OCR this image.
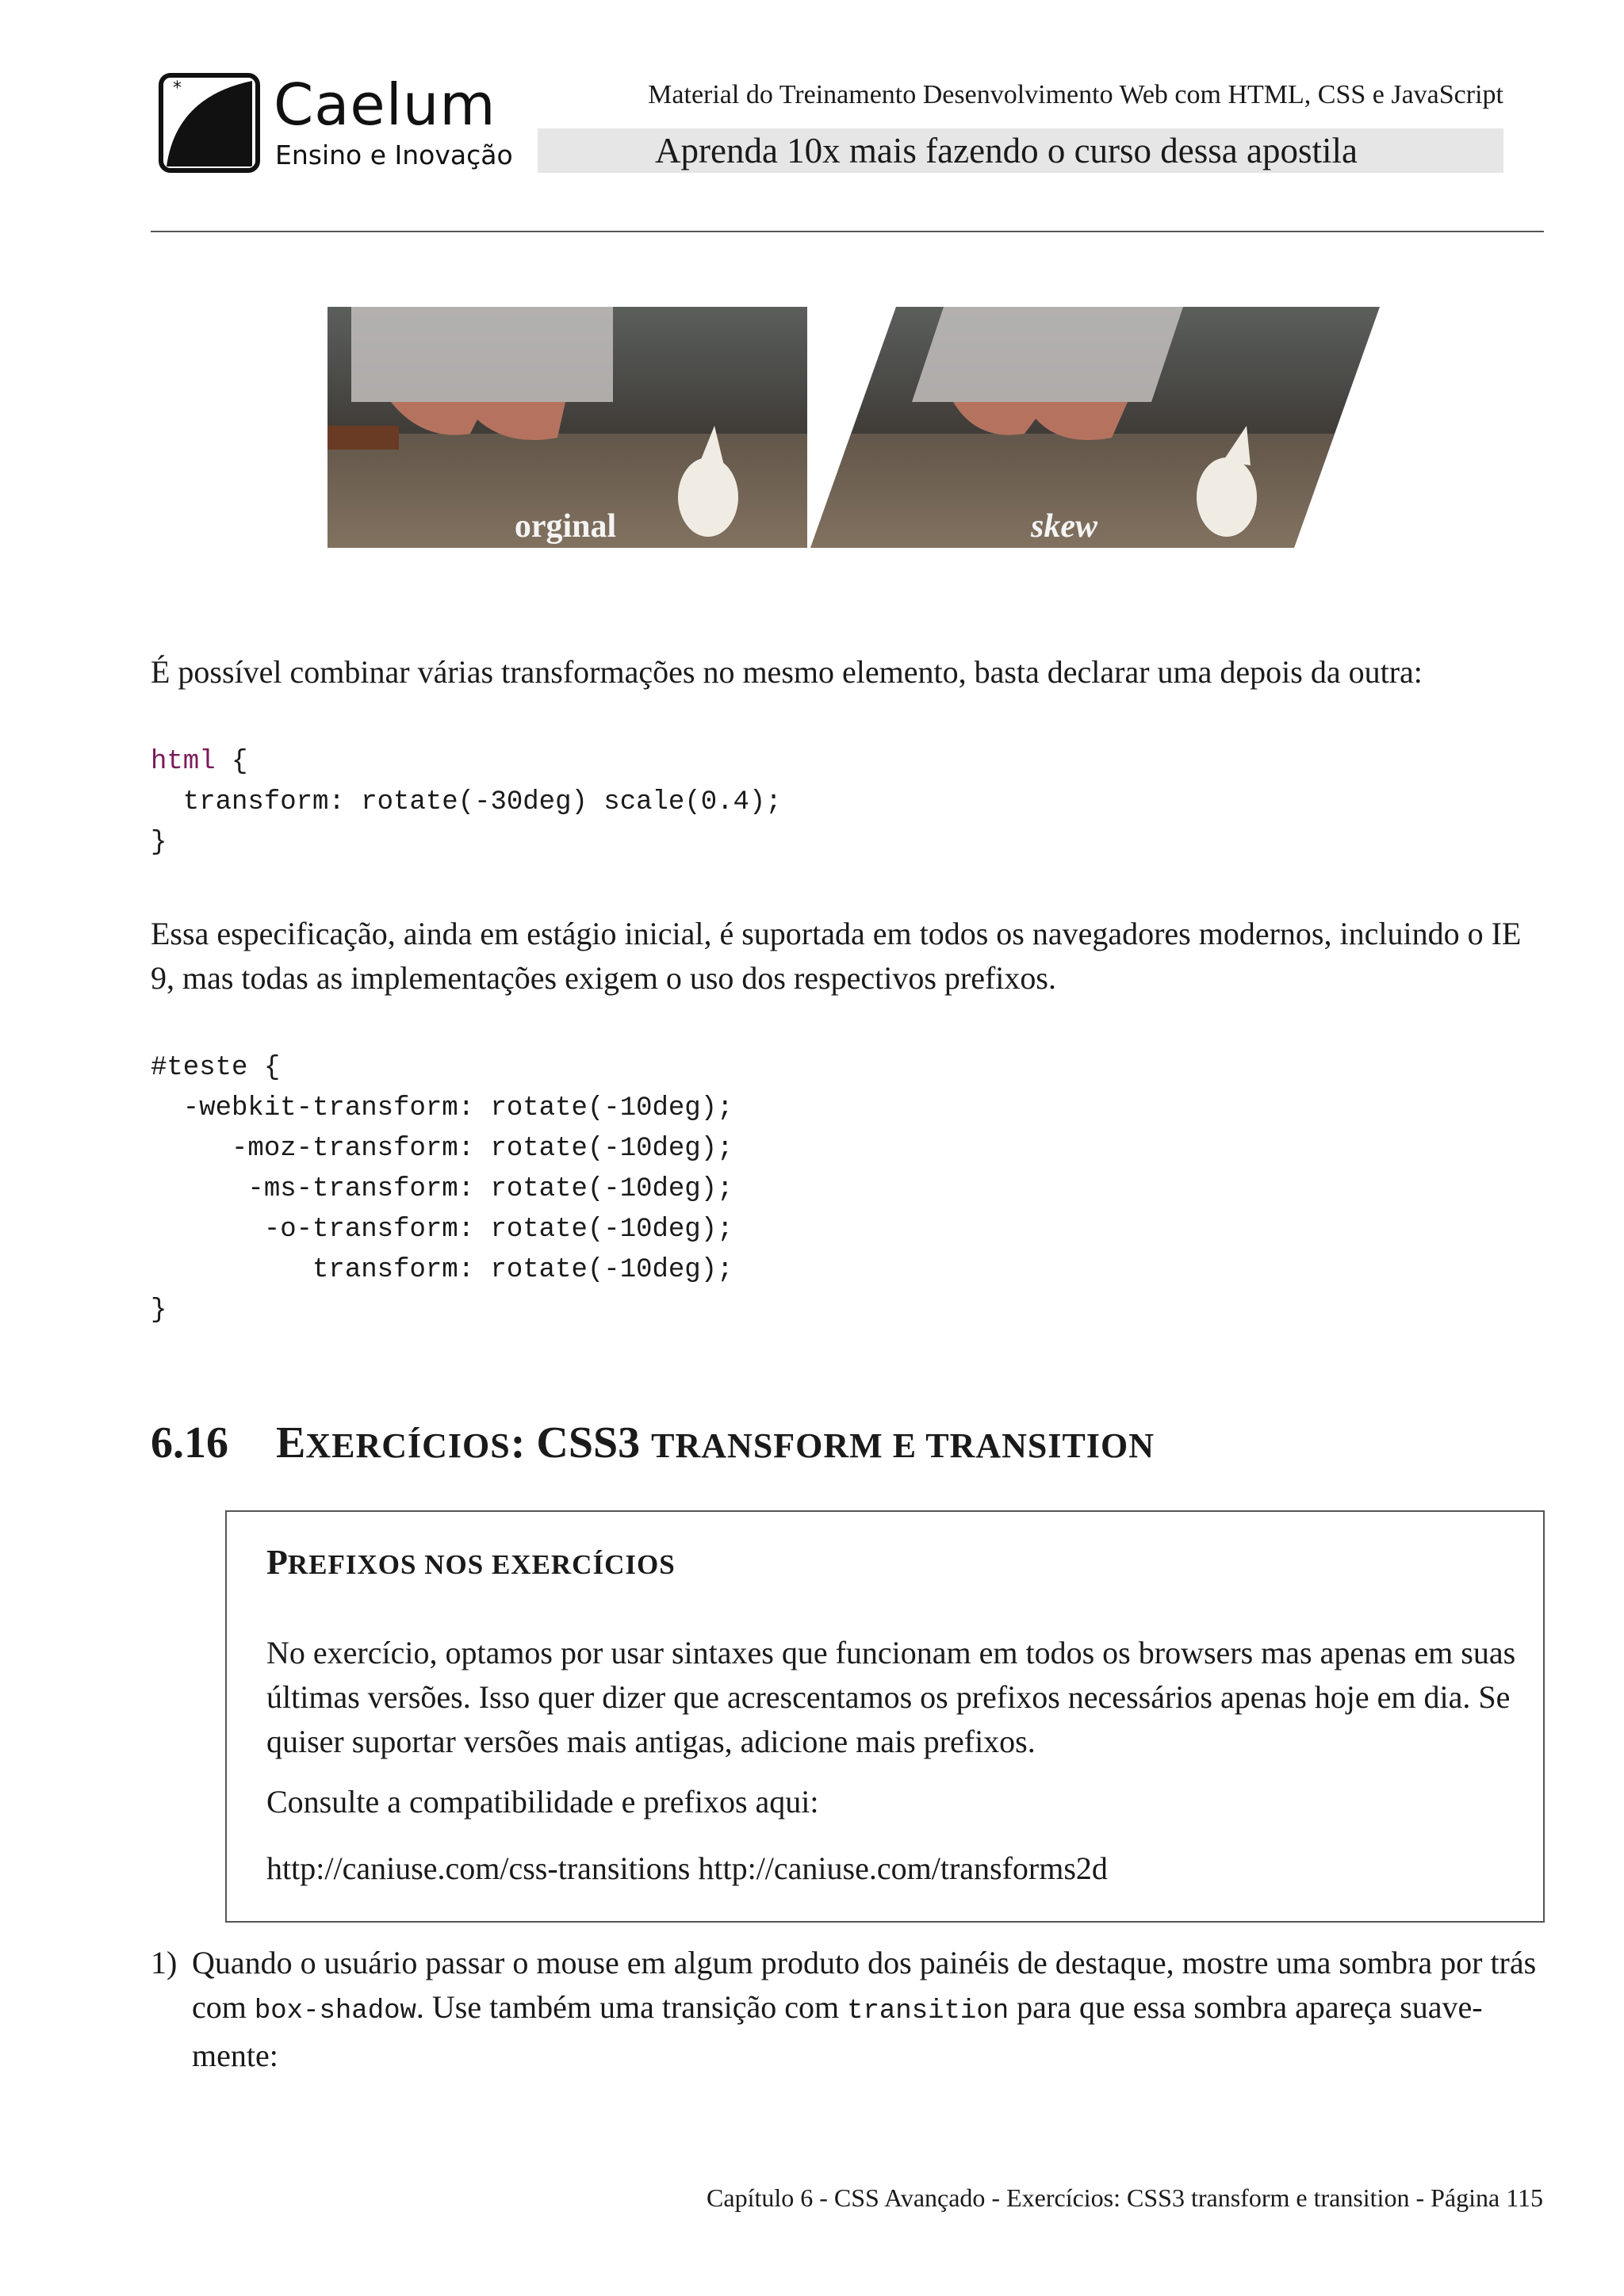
* Caelum
Ensino e Inovação
Material do Treinamento Desenvolvimento Web com HTML, CSS e JavaScript
Aprenda 10x mais fazendo o curso dessa apostila
orginal	skew
É possível combinar várias transformações no mesmo elemento, basta declarar uma depois da outra:
html {
transform: rotate(-30deg) scale(0.4);
}
Essa especificação, ainda em estágio inicial, é suportada em todos os navegadores modernos, incluindo o IE 9, mas todas as implementações exigem o uso dos respectivos prefixos.
#teste {
-webkit-transform: rotate(-10deg);
-moz-transform: rotate(-10deg);
-ms-transform: rotate(-10deg);
-o-transform: rotate(-10deg);
transform: rotate(-10deg);
}
6.16 EXERCÍCIOS: CSS3 TRANSFORM E TRANSITION
PREFIXOS NOS EXERCÍCIOS
No exercício, optamos por usar sintaxes que funcionam em todos os browsers mas apenas em suas últimas versões. Isso quer dizer que acrescentamos os prefixos necessários apenas hoje em dia. Se quiser suportar versões mais antigas, adicione mais prefixos.
Consulte a compatibilidade e prefixos aqui:
http://caniuse.com/css-transitions http://caniuse.com/transforms2d
1) Quando o usuário passar o mouse em algum produto dos painéis de destaque, mostre uma sombra por trás com box-shadow. Use também uma transição com transition para que essa sombra apareça suave-mente:
Capítulo 6 - CSS Avançado - Exercícios: CSS3 transform e transition - Página 115
